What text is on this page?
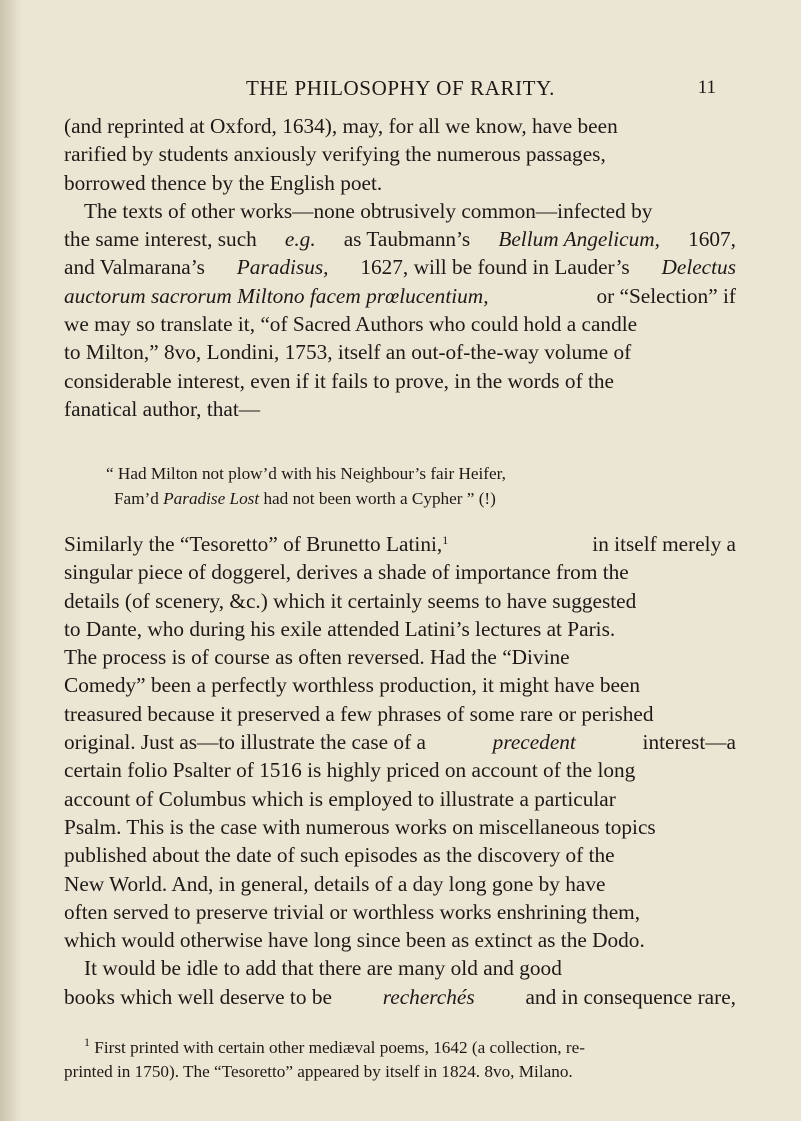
THE PHILOSOPHY OF RARITY.	11
(and reprinted at Oxford, 1634), may, for all we know, have been
rarified by students anxiously verifying the numerous passages,
borrowed thence by the English poet.
The texts of other works—none obtrusively common—infected by
the same interest, such e.g. as Taubmann’s Bellum Angelicum, 1607,
and Valmarana’s Paradisus, 1627, will be found in Lauder’s Delectus
auctorum sacrorum Miltono facem prœlucentium,	or “Selection” if
we may so translate it, “of Sacred Authors who could hold a candle
to Milton,” 8vo, Londini, 1753, itself an out-of-the-way volume of
considerable interest, even if it fails to prove, in the words of the
fanatical author, that—
“ Had Milton not plow’d with his Neighbour’s fair Heifer,
Fam’d
Paradise Lost
had not been worth a Cypher ” (!)
Similarly the “Tesoretto” of Brunetto Latini,$^1$	in itself merely a
singular piece of doggerel, derives a shade of importance from the
details (of scenery, &c.) which it certainly seems to have suggested
to Dante, who during his exile attended Latini’s lectures at Paris.
The process is of course as often reversed. Had the “Divine
Comedy” been a perfectly worthless production, it might have been
treasured because it preserved a few phrases of some rare or perished
original. Just as—to illustrate the case of a	precedent	interest—a
certain folio Psalter of 1516 is highly priced on account of the long
account of Columbus which is employed to illustrate a particular
Psalm. This is the case with numerous works on miscellaneous topics
published about the date of such episodes as the discovery of the
New World. And, in general, details of a day long gone by have
often served to preserve trivial or worthless works enshrining them,
which would otherwise have long since been as extinct as the Dodo.
It would be idle to add that there are many old and good
books which well deserve to be recherchés and in consequence rare,
$^1$ First printed with certain other mediæval poems, 1642 (a collection, re-
printed in 1750). The “Tesoretto” appeared by itself in 1824. 8vo, Milano.
